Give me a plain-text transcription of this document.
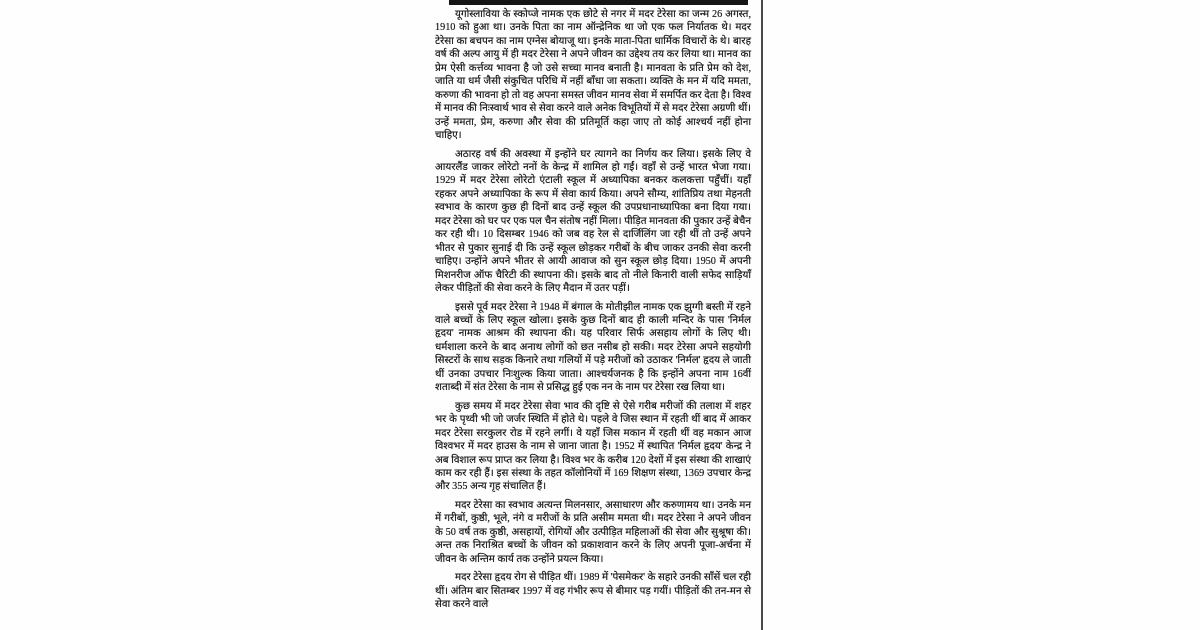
यूगोस्लाविया के स्कोप्जे नामक एक छोटे से नगर में मदर टेरेसा का जन्म 26 अगस्त, 1910 को हुआ था। उनके पिता का नाम ऑन्द्रेनिक था जो एक फल निर्यातक थे। मदर टेरेसा का बचपन का नाम एग्नेस बोयाजू था। इनके माता-पिता धार्मिक विचारों के थे। बारह वर्ष की अल्प आयु में ही मदर टेरेसा ने अपने जीवन का उद्देश्य तय कर लिया था। मानव का प्रेम ऐसी कर्त्तव्य भावना है जो उसे सच्चा मानव बनाती है। मानवता के प्रति प्रेम को देश, जाति या धर्म जैसी संकुचित परिधि में नहीं बाँधा जा सकता। व्यक्ति के मन में यदि ममता, करुणा की भावना हो तो वह अपना समस्त जीवन मानव सेवा में समर्पित कर देता है। विश्व में मानव की निःस्वार्थ भाव से सेवा करने वाले अनेक विभूतियों में से मदर टेरेसा अग्रणी थीं। उन्हें ममता, प्रेम, करुणा और सेवा की प्रतिमूर्ति कहा जाए तो कोई आश्चर्य नहीं होना चाहिए।

अठारह वर्ष की अवस्था में इन्होंने घर त्यागने का निर्णय कर लिया। इसके लिए वे आयरलैंड जाकर लोरेटो ननों के केन्द्र में शामिल हो गईं। वहाँ से उन्हें भारत भेजा गया। 1929 में मदर टेरेसा लोरेटो एंटाली स्कूल में अध्यापिका बनकर कलकत्ता पहुँचीं। यहाँ रहकर अपने अध्यापिका के रूप में सेवा कार्य किया। अपने सौम्य, शांतिप्रिय तथा मेहनती स्वभाव के कारण कुछ ही दिनों बाद उन्हें स्कूल की उपप्रधानाध्यापिका बना दिया गया। मदर टेरेसा को घर पर एक पल चैन संतोष नहीं मिला। पीड़ित मानवता की पुकार उन्हें बेचैन कर रही थी। 10 दिसम्बर 1946 को जब वह रेल से दार्जिलिंग जा रही थीं तो उन्हें अपने भीतर से पुकार सुनाई दी कि उन्हें स्कूल छोड़कर गरीबों के बीच जाकर उनकी सेवा करनी चाहिए। उन्होंने अपने भीतर से आयी आवाज को सुन स्कूल छोड़ दिया। 1950 में अपनी मिशनरीज ऑफ चैरिटी की स्थापना की। इसके बाद तो नीले किनारी वाली सफेद साड़ियाँ लेकर पीड़ितों की सेवा करने के लिए मैदान में उतर पड़ीं।

इससे पूर्व मदर टेरेसा ने 1948 में बंगाल के मोतीझील नामक एक झुग्गी बस्ती में रहने वाले बच्चों के लिए स्कूल खोला। इसके कुछ दिनों बाद ही काली मन्दिर के पास 'निर्मल हृदय' नामक आश्रम की स्थापना की। यह परिवार सिर्फ असहाय लोगों के लिए थी। धर्मशाला करने के बाद अनाथ लोगों को छत नसीब हो सकी। मदर टेरेसा अपने सहयोगी सिस्टरों के साथ सड़क किनारे तथा गलियों में पड़े मरीजों को उठाकर 'निर्मल' हृदय ले जाती थीं उनका उपचार निःशुल्क किया जाता। आश्चर्यजनक है कि इन्होंने अपना नाम 16वीं शताब्दी में संत टेरेसा के नाम से प्रसिद्ध हुई एक नन के नाम पर टेरेसा रख लिया था।

कुछ समय में मदर टेरेसा सेवा भाव की दृष्टि से ऐसे गरीब मरीजों की तलाश में शहर भर के पृथ्वी भी जो जर्जर स्थिति में होते थे। पहले वे जिस स्थान में रहती थीं बाद में आकर मदर टेरेसा सरकुलर रोड में रहने लगीं। वे यहाँ जिस मकान में रहती थीं वह मकान आज विश्वभर में मदर हाउस के नाम से जाना जाता है। 1952 में स्थापित 'निर्मल हृदय' केन्द्र ने अब विशाल रूप प्राप्त कर लिया है। विश्व भर के करीब 120 देशों में इस संस्था की शाखाएं काम कर रही हैं। इस संस्था के तहत कॉलोनियों में 169 शिक्षण संस्था, 1369 उपचार केन्द्र और 355 अन्य गृह संचालित हैं।

मदर टेरेसा का स्वभाव अत्यन्त मिलनसार, असाधारण और करुणामय था। उनके मन में गरीबों, कुष्ठी, भूले, नंगे व मरीजों के प्रति असीम ममता थी। मदर टेरेसा ने अपने जीवन के 50 वर्ष तक कुष्ठी, असहायों, रोगियों और उत्पीड़ित महिलाओं की सेवा और सुश्रूषा की। अन्त तक निराश्रित बच्चों के जीवन को प्रकाशवान करने के लिए अपनी पूजा-अर्चना में जीवन के अन्तिम कार्य तक उन्होंने प्रयत्न किया।

मदर टेरेसा हृदय रोग से पीड़ित थीं। 1989 में 'पेसमेकर' के सहारे उनकी साँसें चल रही थीं। अंतिम बार सितम्बर 1997 में वह गंभीर रूप से बीमार पड़ गयीं। पीड़ितों की तन-मन से सेवा करने वाले
